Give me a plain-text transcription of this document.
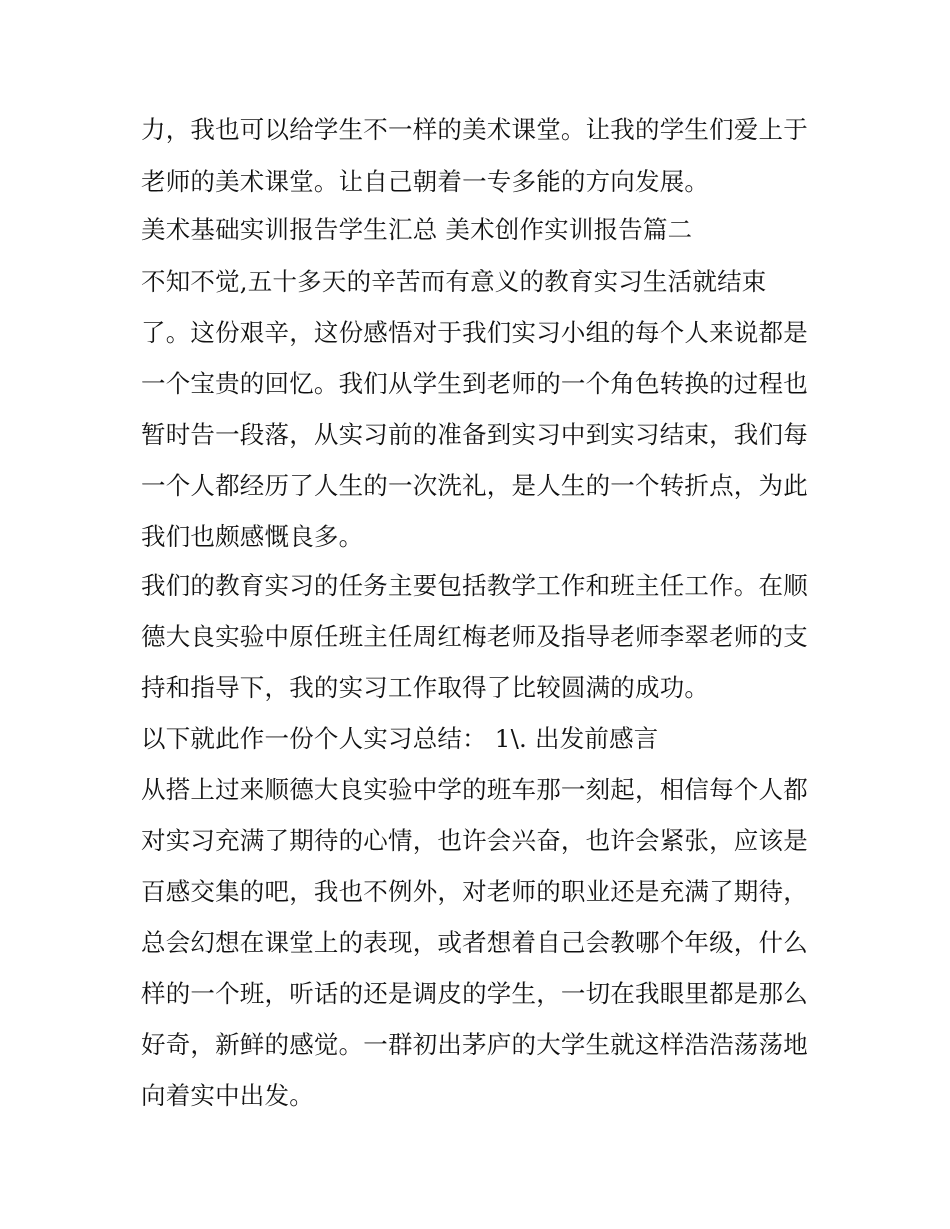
力，我也可以给学生不一样的美术课堂。让我的学生们爱上于
老师的美术课堂。让自己朝着一专多能的方向发展。
美术基础实训报告学生汇总 美术创作实训报告篇二
不知不觉,五十多天的辛苦而有意义的教育实习生活就结束
了。这份艰辛，这份感悟对于我们实习小组的每个人来说都是
一个宝贵的回忆。我们从学生到老师的一个角色转换的过程也
暂时告一段落，从实习前的准备到实习中到实习结束，我们每
一个人都经历了人生的一次洗礼，是人生的一个转折点，为此
我们也颇感慨良多。
我们的教育实习的任务主要包括教学工作和班主任工作。在顺
德大良实验中原任班主任周红梅老师及指导老师李翠老师的支
持和指导下，我的实习工作取得了比较圆满的成功。
以下就此作一份个人实习总结： 1\. 出发前感言
从搭上过来顺德大良实验中学的班车那一刻起，相信每个人都
对实习充满了期待的心情，也许会兴奋，也许会紧张，应该是
百感交集的吧，我也不例外，对老师的职业还是充满了期待，
总会幻想在课堂上的表现，或者想着自己会教哪个年级，什么
样的一个班，听话的还是调皮的学生，一切在我眼里都是那么
好奇，新鲜的感觉。一群初出茅庐的大学生就这样浩浩荡荡地
向着实中出发。
